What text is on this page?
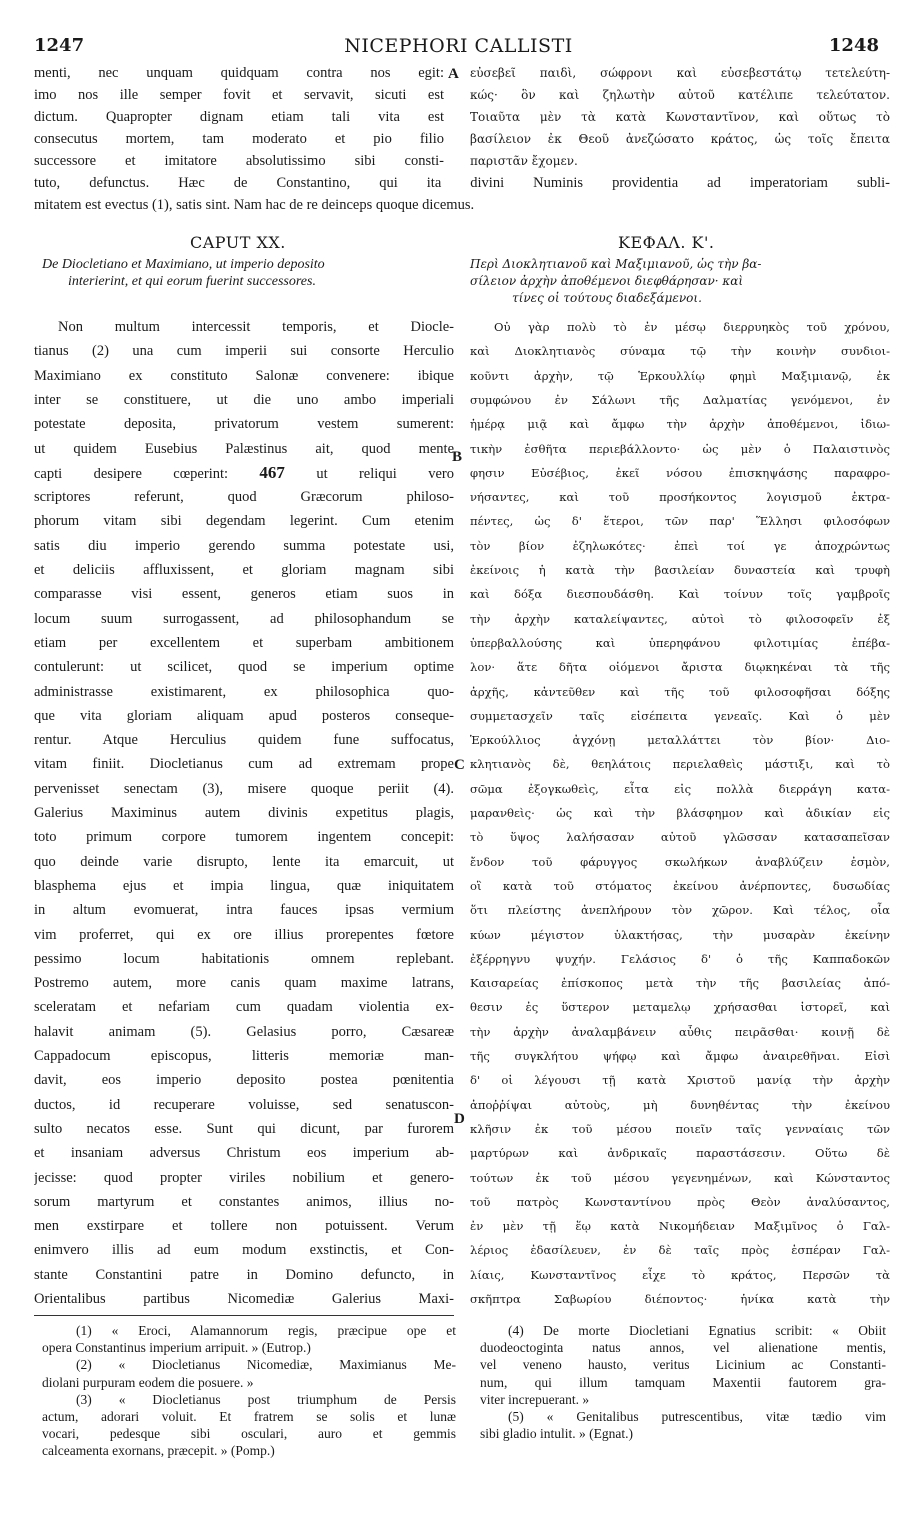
1247	NICEPHORI CALLISTI	1248
menti, nec unquam quidquam contra nos egit:
imo nos ille semper fovit et servavit, sicuti est
dictum. Quapropter dignam etiam tali vita est
consecutus mortem, tam moderato et pio filio
successore et imitatore absolutissimo sibi consti-
εὐσεβεῖ παιδὶ, σώφρονι καὶ εὐσεβεστάτῳ τετελεύτη-
κώς· ὃν καὶ ζηλωτὴν αὐτοῦ κατέλιπε τελεύτατον.
Τοιαῦτα μὲν τὰ κατὰ Κωνσταντῖνον, καὶ οὕτως τὸ
βασίλειον ἐκ Θεοῦ ἀνεζώσατο κράτος, ὡς τοῖς ἔπειτα
παριστᾶν ἔχομεν.
tuto, defunctus. Hæc de Constantino, qui ita divini Numinis providentia ad imperatoriam subli-
mitatem est evectus (1), satis sint. Nam hac de re deinceps quoque dicemus.
CAPUT XX.	ΚΕΦΑΛ. Κ'.
De Diocletiano et Maximiano, ut imperio deposito
interierint, et qui eorum fuerint successores.
Περὶ Διοκλητιανοῦ καὶ Μαξιμιανοῦ, ὡς τὴν βα-
σίλειον ἀρχὴν ἀποθέμενοι διεφθάρησαν· καὶ
τίνες οἱ τούτους διαδεξάμενοι.
Non multum intercessit temporis, et Diocle-
tianus (2) una cum imperii sui consorte Herculio
Maximiano ex constituto Salonæ convenere: ibique
inter se constituere, ut die uno ambo imperiali
potestate deposita, privatorum vestem sumerent:
ut quidem Eusebius Palæstinus ait, quod mente
capti desipere cœperint: 467 ut reliqui vero
scriptores referunt, quod Græcorum philoso-
phorum vitam sibi degendam legerint. Cum etenim
satis diu imperio gerendo summa potestate usi,
et deliciis affluxissent, et gloriam magnam sibi
comparasse visi essent, generos etiam suos in
locum suum surrogassent, ad philosophandum se
etiam per excellentem et superbam ambitionem
contulerunt: ut scilicet, quod se imperium optime
administrasse existimarent, ex philosophica quo-
que vita gloriam aliquam apud posteros conseque-
rentur. Atque Herculius quidem fune suffocatus,
vitam finiit. Diocletianus cum ad extremam prope
pervenisset senectam (3), misere quoque periit (4).
Galerius Maximinus autem divinis expetitus plagis,
toto primum corpore tumorem ingentem concepit:
quo deinde varie disrupto, lente ita emarcuit, ut
blasphema ejus et impia lingua, quæ iniquitatem
in altum evomuerat, intra fauces ipsas vermium
vim proferret, qui ex ore illius prorepentes fœtore
pessimo locum habitationis omnem replebant.
Postremo autem, more canis quam maxime latrans,
sceleratam et nefariam cum quadam violentia ex-
halavit animam (5). Gelasius porro, Cæsareæ
Cappadocum episcopus, litteris memoriæ man-
davit, eos imperio deposito postea pœnitentia
ductos, id recuperare voluisse, sed senatuscon-
sulto necatos esse. Sunt qui dicunt, par furorem
et insaniam adversus Christum eos imperium ab-
jecisse: quod propter viriles nobilium et genero-
sorum martyrum et constantes animos, illius no-
men exstirpare et tollere non potuissent. Verum
enimvero illis ad eum modum exstinctis, et Con-
stante Constantini patre in Domino defuncto, in
Orientalibus partibus Nicomediæ Galerius Maxi-
Οὐ γὰρ πολὺ τὸ ἐν μέσῳ διερρυηκὸς τοῦ χρόνου,
καὶ Διοκλητιανὸς σύναμα τῷ τὴν κοινὴν συνδιοι-
κοῦντι ἀρχὴν, τῷ Ἑρκουλλίῳ φημὶ Μαξιμιανῷ, ἐκ
συμφώνου ἐν Σάλωνι τῆς Δαλματίας γενόμενοι, ἐν
ἡμέρᾳ μιᾷ καὶ ἄμφω τὴν ἀρχὴν ἀποθέμενοι, ἰδιω-
τικὴν ἐσθῆτα περιεβάλλοντο· ὡς μὲν ὁ Παλαιστινὸς
φησιν Εὐσέβιος, ἐκεῖ νόσου ἐπισκηψάσης παραφρο-
νήσαντες, καὶ τοῦ προσήκοντος λογισμοῦ ἐκτρα-
πέντες, ὡς δ' ἕτεροι, τῶν παρ' Ἕλλησι φιλοσόφων
τὸν βίον ἐζηλωκότες· ἐπεὶ τοί γε ἀποχρώντως
ἐκείνοις ἡ κατὰ τὴν βασιλείαν δυναστεία καὶ τρυφὴ
καὶ δόξα διεσπουδάσθη. Καὶ τοίνυν τοῖς γαμβροῖς
τὴν ἀρχὴν καταλείψαντες, αὐτοὶ τὸ φιλοσοφεῖν ἐξ
ὑπερβαλλούσης καὶ ὑπερηφάνου φιλοτιμίας ἐπέβα-
λον· ἅτε δῆτα οἰόμενοι ἄριστα διῳκηκέναι τὰ τῆς
ἀρχῆς, κἀντεῦθεν καὶ τῆς τοῦ φιλοσοφῆσαι δόξης
συμμετασχεῖν ταῖς εἰσέπειτα γενεαῖς. Καὶ ὁ μὲν
Ἑρκούλλιος ἀγχόνῃ μεταλλάττει τὸν βίον· Διο-
κλητιανὸς δὲ, θεηλάτοις περιελαθεὶς μάστιξι, καὶ τὸ
σῶμα ἐξογκωθεὶς, εἶτα εἰς πολλὰ διερράγη κατα-
μαρανθεὶς· ὡς καὶ τὴν βλάσφημον καὶ ἀδικίαν εἰς
τὸ ὕψος λαλήσασαν αὐτοῦ γλῶσσαν κατασαπεῖσαν
ἔνδον τοῦ φάρυγγος σκωλήκων ἀναβλύζειν ἐσμὸν,
οἳ κατὰ τοῦ στόματος ἐκείνου ἀνέρποντες, δυσωδίας
ὅτι πλείστης ἀνεπλήρουν τὸν χῶρον. Καὶ τέλος, οἷα
κύων μέγιστον ὑλακτήσας, τὴν μυσαρὰν ἐκείνην
ἐξέρρηγνυ ψυχήν. Γελάσιος δ' ὁ τῆς Καππαδοκῶν
Καισαρείας ἐπίσκοπος μετὰ τὴν τῆς βασιλείας ἀπό-
θεσιν ἐς ὕστερον μεταμελῳ χρήσασθαι ἱστορεῖ, καὶ
τὴν ἀρχὴν ἀναλαμβάνειν αὖθις πειρᾶσθαι· κοινῇ δὲ
τῆς συγκλήτου ψήφῳ καὶ ἄμφω ἀναιρεθῆναι. Εἰσὶ
δ' οἱ λέγουσι τῇ κατὰ Χριστοῦ μανίᾳ τὴν ἀρχὴν
ἀποῤῥίψαι αὐτοὺς, μὴ δυνηθέντας τὴν ἐκείνου
κλῆσιν ἐκ τοῦ μέσου ποιεῖν ταῖς γενναίαις τῶν
μαρτύρων καὶ ἀνδρικαῖς παραστάσεσιν. Οὕτω δὲ
τούτων ἐκ τοῦ μέσου γεγενημένων, καὶ Κώνσταντος
τοῦ πατρὸς Κωνσταντίνου πρὸς Θεὸν ἀναλύσαντος,
ἐν μὲν τῇ ἕῳ κατὰ Νικομήδειαν Μαξιμῖνος ὁ Γαλ-
λέριος ἐδασίλευεν, ἐν δὲ ταῖς πρὸς ἑσπέραν Γαλ-
λίαις, Κωνσταντῖνος εἶχε τὸ κράτος, Περσῶν τὰ
σκῆπτρα Σαβωρίου διέποντος· ἡνίκα κατὰ τὴν
A
B
C
D
(1) « Eroci, Alamannorum regis, præcipue ope et
opera Constantinus imperium arripuit. » (Eutrop.)
(2) « Diocletianus Nicomediæ, Maximianus Me-
diolani purpuram eodem die posuere. »
(3) « Diocletianus post triumphum de Persis
actum, adorari voluit. Et fratrem se solis et lunæ
vocari, pedesque sibi osculari, auro et gemmis
calceamenta exornans, præcepit. » (Pomp.)
(4) De morte Diocletiani Egnatius scribit: « Obiit
duodeoctoginta natus annos, vel alienatione mentis,
vel veneno hausto, veritus Licinium ac Constanti-
num, qui illum tamquam Maxentii fautorem gra-
viter increpuerant. »
(5) « Genitalibus putrescentibus, vitæ tædio vim
sibi gladio intulit. » (Egnat.)
